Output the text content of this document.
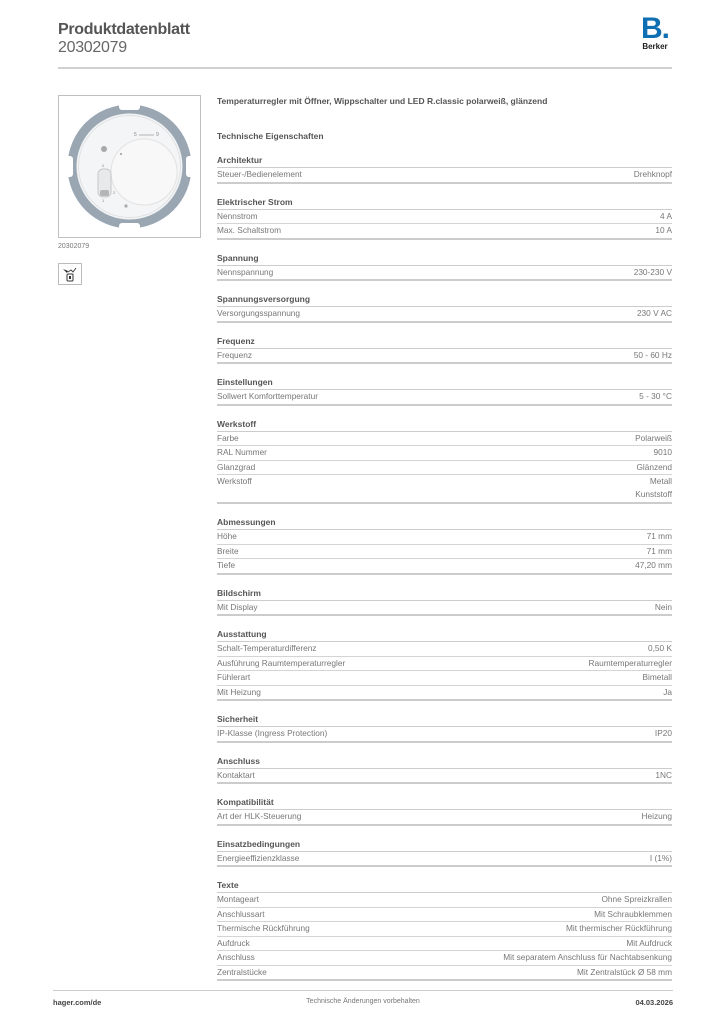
Produktdatenblatt
20302079
B.
Berker
5	9
0
2
1
20302079
Temperaturregler mit Öffner, Wippschalter und LED R.classic polarweiß, glänzend
Technische Eigenschaften
Architektur
Steuer-/Bedienelement	Drehknopf
Elektrischer Strom
Nennstrom	4 A
Max. Schaltstrom	10 A
Spannung
Nennspannung	230-230 V
Spannungsversorgung
Versorgungsspannung	230 V AC
Frequenz
Frequenz	50 - 60 Hz
Einstellungen
Sollwert Komforttemperatur	5 - 30 °C
Werkstoff
Farbe	Polarweiß
RAL Nummer	9010
Glanzgrad	Glänzend
Werkstoff	Metall
Kunststoff
Abmessungen
Höhe	71 mm
Breite	71 mm
Tiefe	47,20 mm
Bildschirm
Mit Display	Nein
Ausstattung
Schalt-Temperaturdifferenz	0,50 K
Ausführung Raumtemperaturregler	Raumtemperaturregler
Fühlerart	Bimetall
Mit Heizung	Ja
Sicherheit
IP-Klasse (Ingress Protection)	IP20
Anschluss
Kontaktart	1NC
Kompatibilität
Art der HLK-Steuerung	Heizung
Einsatzbedingungen
Energieeffizienzklasse	I (1%)
Texte
Montageart	Ohne Spreizkrallen
Anschlussart	Mit Schraubklemmen
Thermische Rückführung	Mit thermischer Rückführung
Aufdruck	Mit Aufdruck
Anschluss	Mit separatem Anschluss für Nachtabsenkung
Zentralstücke	Mit Zentralstück Ø 58 mm
hager.com/de	Technische Änderungen vorbehalten	04.03.2026
